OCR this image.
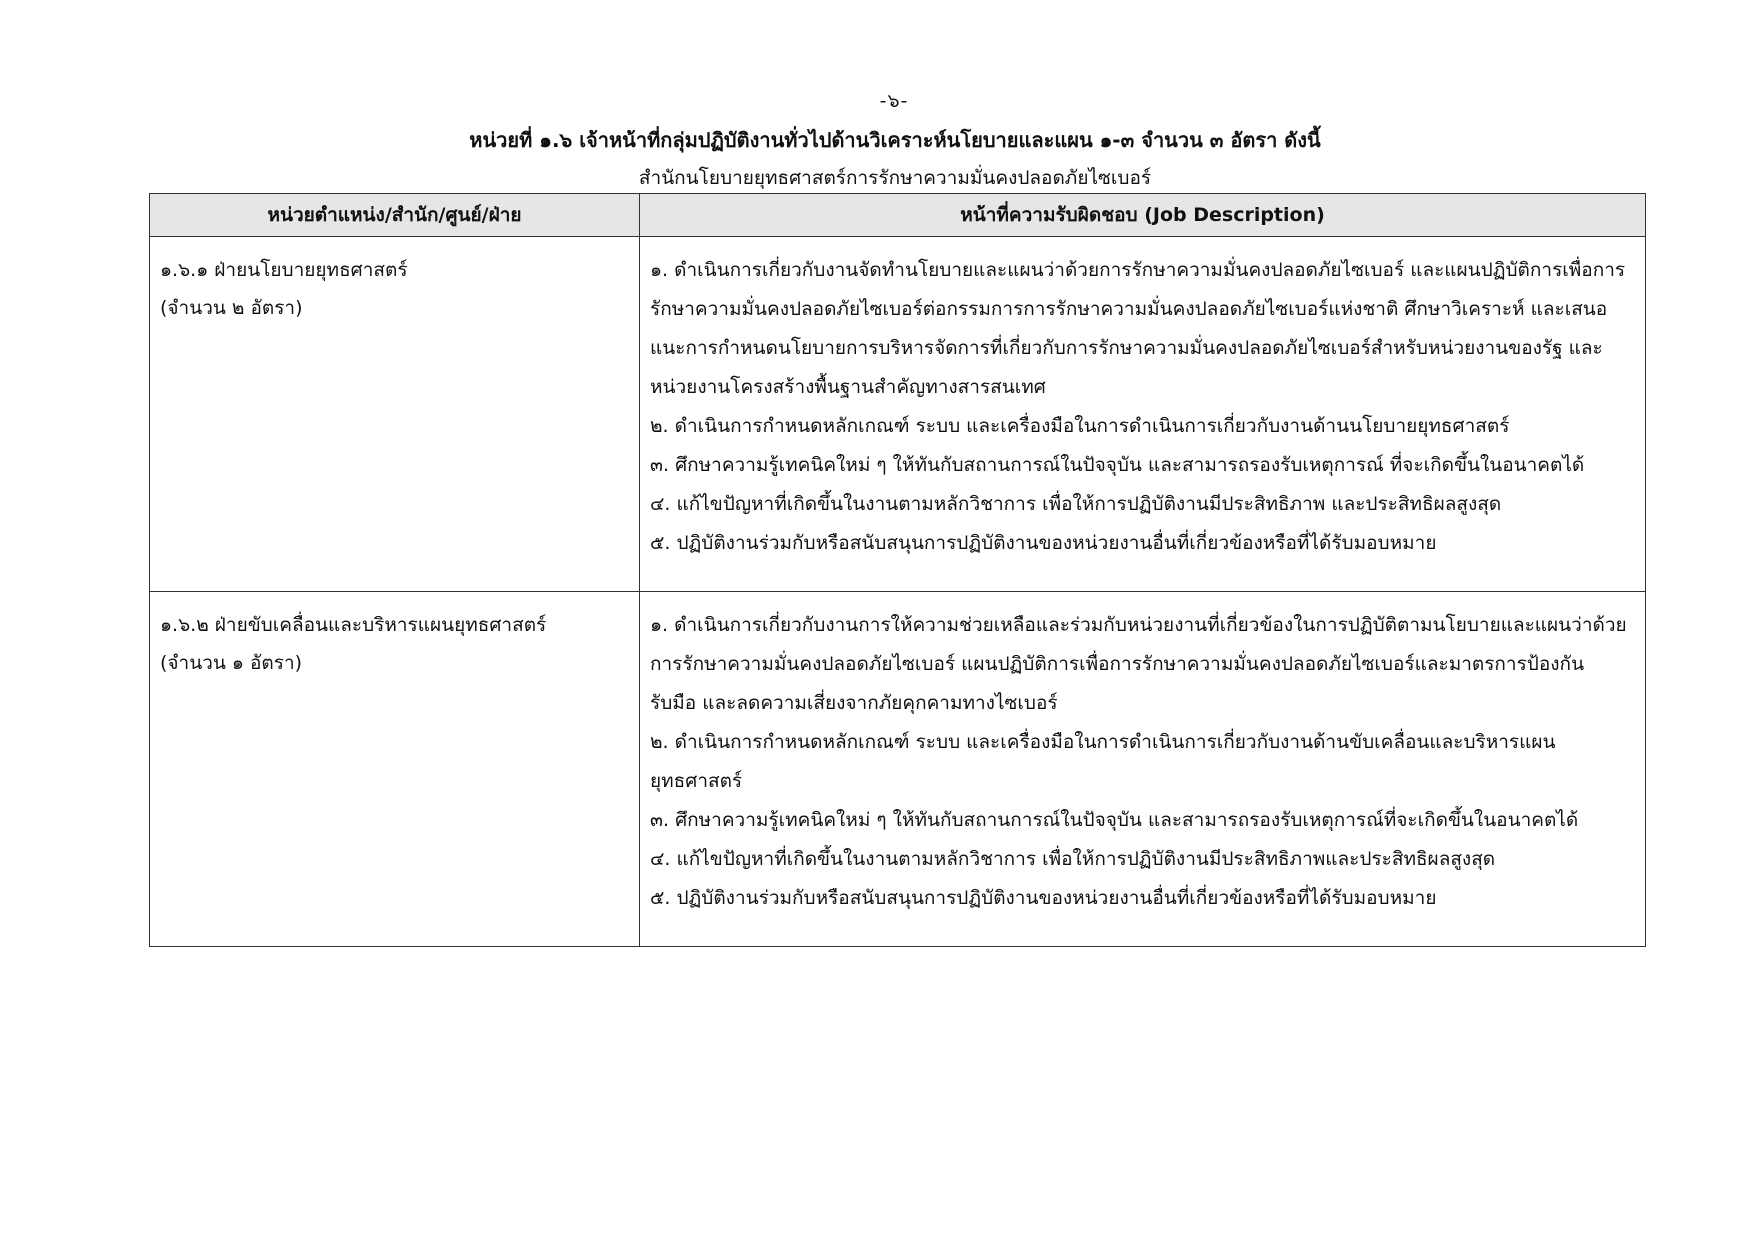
-๖-
หน่วยที่ ๑.๖ เจ้าหน้าที่กลุ่มปฏิบัติงานทั่วไปด้านวิเคราะห์นโยบายและแผน ๑-๓ จำนวน ๓ อัตรา ดังนี้
สำนักนโยบายยุทธศาสตร์การรักษาความมั่นคงปลอดภัยไซเบอร์
หน่วยตำแหน่ง/สำนัก/ศูนย์/ฝ่าย	หน้าที่ความรับผิดชอบ (Job Description)

๑.๖.๑ ฝ่ายนโยบายยุทธศาสตร์
(จำนวน ๒ อัตรา)	๑. ดำเนินการเกี่ยวกับงานจัดทำนโยบายและแผนว่าด้วยการรักษาความมั่นคงปลอดภัยไซเบอร์ และแผนปฏิบัติการเพื่อการรักษาความมั่นคงปลอดภัยไซเบอร์ต่อกรรมการการรักษาความมั่นคงปลอดภัยไซเบอร์แห่งชาติ ศึกษาวิเคราะห์ และเสนอแนะการกำหนดนโยบายการบริหารจัดการที่เกี่ยวกับการรักษาความมั่นคงปลอดภัยไซเบอร์สำหรับหน่วยงานของรัฐ และหน่วยงานโครงสร้างพื้นฐานสำคัญทางสารสนเทศ
๒. ดำเนินการกำหนดหลักเกณฑ์ ระบบ และเครื่องมือในการดำเนินการเกี่ยวกับงานด้านนโยบายยุทธศาสตร์
๓. ศึกษาความรู้เทคนิคใหม่ ๆ ให้ทันกับสถานการณ์ในปัจจุบัน และสามารถรองรับเหตุการณ์ ที่จะเกิดขึ้นในอนาคตได้
๔. แก้ไขปัญหาที่เกิดขึ้นในงานตามหลักวิชาการ เพื่อให้การปฏิบัติงานมีประสิทธิภาพ และประสิทธิผลสูงสุด
๕. ปฏิบัติงานร่วมกับหรือสนับสนุนการปฏิบัติงานของหน่วยงานอื่นที่เกี่ยวข้องหรือที่ได้รับมอบหมาย

๑.๖.๒ ฝ่ายขับเคลื่อนและบริหารแผนยุทธศาสตร์
(จำนวน ๑ อัตรา)	๑. ดำเนินการเกี่ยวกับงานการให้ความช่วยเหลือและร่วมกับหน่วยงานที่เกี่ยวข้องในการปฏิบัติตามนโยบายและแผนว่าด้วยการรักษาความมั่นคงปลอดภัยไซเบอร์ แผนปฏิบัติการเพื่อการรักษาความมั่นคงปลอดภัยไซเบอร์และมาตรการป้องกัน รับมือ และลดความเสี่ยงจากภัยคุกคามทางไซเบอร์
๒. ดำเนินการกำหนดหลักเกณฑ์ ระบบ และเครื่องมือในการดำเนินการเกี่ยวกับงานด้านขับเคลื่อนและบริหารแผนยุทธศาสตร์
๓. ศึกษาความรู้เทคนิคใหม่ ๆ ให้ทันกับสถานการณ์ในปัจจุบัน และสามารถรองรับเหตุการณ์ที่จะเกิดขึ้นในอนาคตได้
๔. แก้ไขปัญหาที่เกิดขึ้นในงานตามหลักวิชาการ เพื่อให้การปฏิบัติงานมีประสิทธิภาพและประสิทธิผลสูงสุด
๕. ปฏิบัติงานร่วมกับหรือสนับสนุนการปฏิบัติงานของหน่วยงานอื่นที่เกี่ยวข้องหรือที่ได้รับมอบหมาย
